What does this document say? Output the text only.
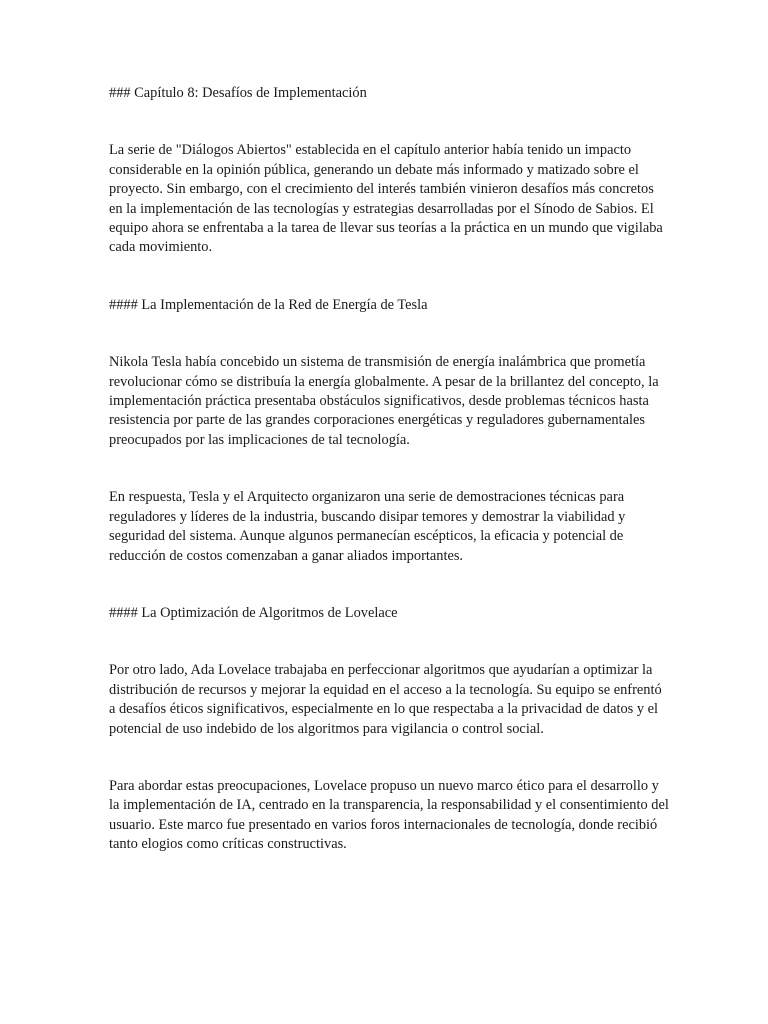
### Capítulo 8: Desafíos de Implementación

La serie de "Diálogos Abiertos" establecida en el capítulo anterior había tenido un impacto considerable en la opinión pública, generando un debate más informado y matizado sobre el proyecto. Sin embargo, con el crecimiento del interés también vinieron desafíos más concretos en la implementación de las tecnologías y estrategias desarrolladas por el Sínodo de Sabios. El equipo ahora se enfrentaba a la tarea de llevar sus teorías a la práctica en un mundo que vigilaba cada movimiento.

#### La Implementación de la Red de Energía de Tesla

Nikola Tesla había concebido un sistema de transmisión de energía inalámbrica que prometía revolucionar cómo se distribuía la energía globalmente. A pesar de la brillantez del concepto, la implementación práctica presentaba obstáculos significativos, desde problemas técnicos hasta resistencia por parte de las grandes corporaciones energéticas y reguladores gubernamentales preocupados por las implicaciones de tal tecnología.

En respuesta, Tesla y el Arquitecto organizaron una serie de demostraciones técnicas para reguladores y líderes de la industria, buscando disipar temores y demostrar la viabilidad y seguridad del sistema. Aunque algunos permanecían escépticos, la eficacia y potencial de reducción de costos comenzaban a ganar aliados importantes.

#### La Optimización de Algoritmos de Lovelace

Por otro lado, Ada Lovelace trabajaba en perfeccionar algoritmos que ayudarían a optimizar la distribución de recursos y mejorar la equidad en el acceso a la tecnología. Su equipo se enfrentó a desafíos éticos significativos, especialmente en lo que respectaba a la privacidad de datos y el potencial de uso indebido de los algoritmos para vigilancia o control social.

Para abordar estas preocupaciones, Lovelace propuso un nuevo marco ético para el desarrollo y la implementación de IA, centrado en la transparencia, la responsabilidad y el consentimiento del usuario. Este marco fue presentado en varios foros internacionales de tecnología, donde recibió tanto elogios como críticas constructivas.
